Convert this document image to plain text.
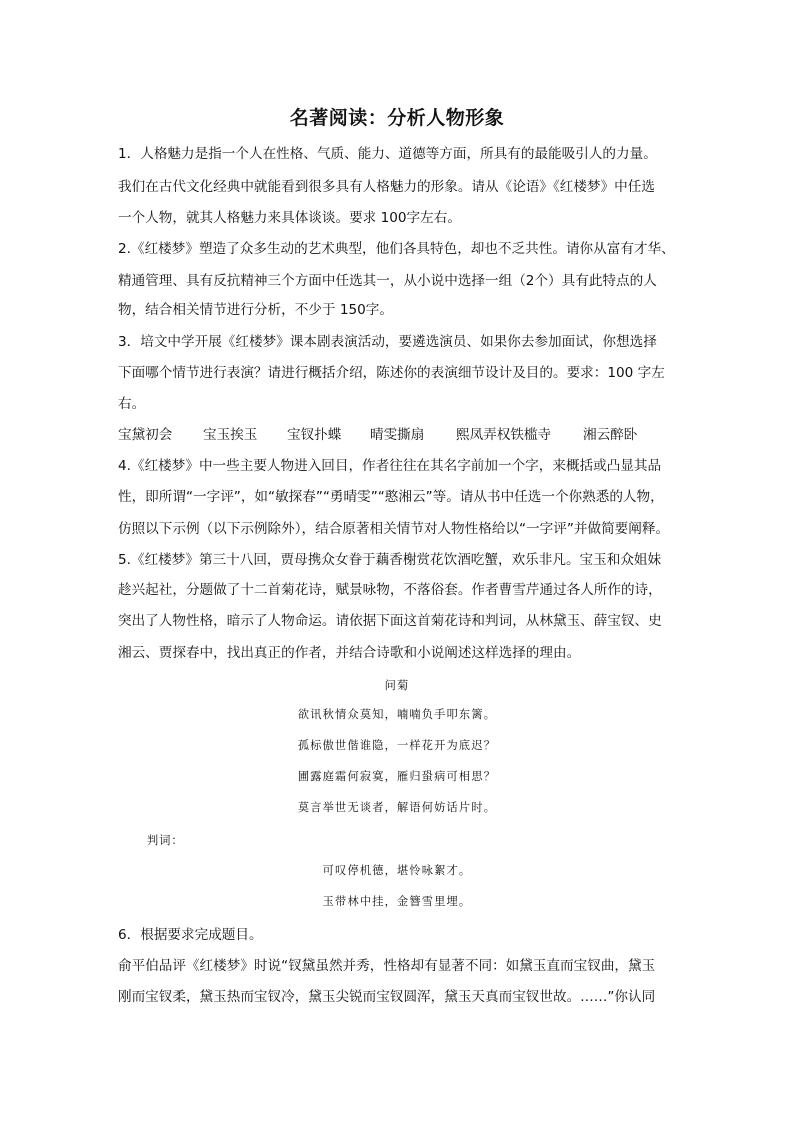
名著阅读：分析人物形象
1．人格魅力是指一个人在性格、气质、能力、道德等方面，所具有的最能吸引人的力量。
我们在古代文化经典中就能看到很多具有人格魅力的形象。请从《论语》《红楼梦》中任选
一个人物，就其人格魅力来具体谈谈。要求 100字左右。
2.《红楼梦》塑造了众多生动的艺术典型，他们各具特色，却也不乏共性。请你从富有才华、
精通管理、具有反抗精神三个方面中任选其一，从小说中选择一组（2个）具有此特点的人
物，结合相关情节进行分析，不少于 150字。
3．培文中学开展《红楼梦》课本剧表演活动，要遴选演员、如果你去参加面试，你想选择
下面哪个情节进行表演？请进行概括介绍，陈述你的表演细节设计及目的。要求：100 字左
右。
宝黛初会 宝玉挨玉 宝钗扑蝶 晴雯撕扇 熙凤弄权铁槛寺 湘云醉卧
4.《红楼梦》中一些主要人物进入回目，作者往往在其名字前加一个字，来概括或凸显其品
性，即所谓“一字评”，如“敏探春”“勇晴雯”“憨湘云”等。请从书中任选一个你熟悉的人物，
仿照以下示例（以下示例除外），结合原著相关情节对人物性格给以“一字评”并做简要阐释。
5.《红楼梦》第三十八回，贾母携众女眷于藕香榭赏花饮酒吃蟹，欢乐非凡。宝玉和众姐妹
趁兴起社，分题做了十二首菊花诗，赋景咏物，不落俗套。作者曹雪芹通过各人所作的诗，
突出了人物性格，暗示了人物命运。请依据下面这首菊花诗和判词，从林黛玉、薛宝钗、史
湘云、贾探春中，找出真正的作者，并结合诗歌和小说阐述这样选择的理由。
问菊
欲讯秋情众莫知，喃喃负手叩东篱。
孤标傲世偕谁隐，一样花开为底迟？
圃露庭霜何寂寞，雁归蛩病可相思？
莫言举世无谈者，解语何妨话片时。
判词：
可叹停机德，堪怜咏絮才。
玉带林中挂，金簪雪里埋。
6．根据要求完成题目。
俞平伯品评《红楼梦》时说“钗黛虽然并秀，性格却有显著不同：如黛玉直而宝钗曲，黛玉
刚而宝钗柔，黛玉热而宝钗冷，黛玉尖锐而宝钗圆浑，黛玉天真而宝钗世故。……”你认同
